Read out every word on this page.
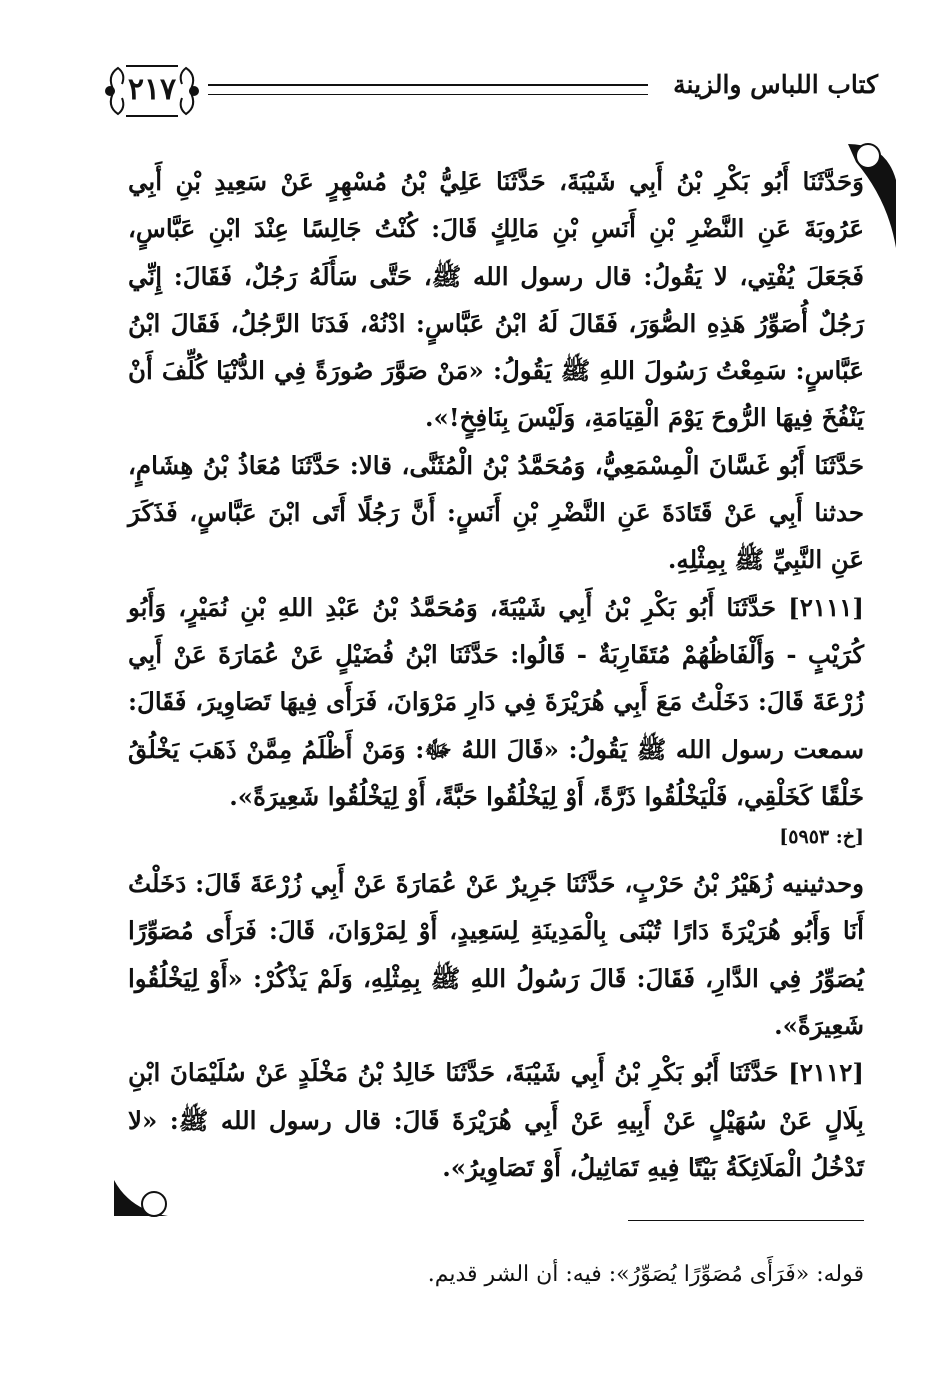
٢١٧	كتاب اللباس والزينة

وَحَدَّثَنَا أَبُو بَكْرِ بْنُ أَبِي شَيْبَةَ، حَدَّثَنَا عَلِيُّ بْنُ مُسْهِرٍ عَنْ سَعِيدِ بْنِ أَبِي عَرُوبَةَ عَنِ النَّضْرِ بْنِ أَنَسِ بْنِ مَالِكٍ قَالَ: كُنْتُ جَالِسًا عِنْدَ ابْنِ عَبَّاسٍ، فَجَعَلَ يُفْتِي، لا يَقُولُ: قال رسول الله ﷺ، حَتَّى سَأَلَهُ رَجُلٌ، فَقَالَ: إِنِّي رَجُلٌ أُصَوِّرُ هَذِهِ الصُّوَرَ، فَقَالَ لَهُ ابْنُ عَبَّاسٍ: ادْنُهْ، فَدَنَا الرَّجُلُ، فَقَالَ ابْنُ عَبَّاسٍ: سَمِعْتُ رَسُولَ اللهِ ﷺ يَقُولُ: «مَنْ صَوَّرَ صُورَةً فِي الدُّنْيَا كُلِّفَ أَنْ يَنْفُخَ فِيهَا الرُّوحَ يَوْمَ الْقِيَامَةِ، وَلَيْسَ بِنَافِخٍ!».

حَدَّثَنَا أَبُو غَسَّانَ الْمِسْمَعِيُّ، وَمُحَمَّدُ بْنُ الْمُثَنَّى، قالا: حَدَّثَنَا مُعَاذُ بْنُ هِشَامٍ، حدثنا أَبِي عَنْ قَتَادَةَ عَنِ النَّضْرِ بْنِ أَنَسٍ: أَنَّ رَجُلًا أَتَى ابْنَ عَبَّاسٍ، فَذَكَرَ عَنِ النَّبِيِّ ﷺ بِمِثْلِهِ.

[٢١١١] حَدَّثَنَا أَبُو بَكْرِ بْنُ أَبِي شَيْبَةَ، وَمُحَمَّدُ بْنُ عَبْدِ اللهِ بْنِ نُمَيْرٍ، وَأَبُو كُرَيْبٍ - وَأَلْفَاظُهُمْ مُتَقَارِبَةٌ - قَالُوا: حَدَّثَنَا ابْنُ فُضَيْلٍ عَنْ عُمَارَةَ عَنْ أَبِي زُرْعَةَ قَالَ: دَخَلْتُ مَعَ أَبِي هُرَيْرَةَ فِي دَارِ مَرْوَانَ، فَرَأَى فِيهَا تَصَاوِيرَ، فَقَالَ: سمعت رسول الله ﷺ يَقُولُ: «قَالَ اللهُ ﷻ: وَمَنْ أَظْلَمُ مِمَّنْ ذَهَبَ يَخْلُقُ خَلْقًا كَخَلْقِي، فَلْيَخْلُقُوا ذَرَّةً، أَوْ لِيَخْلُقُوا حَبَّةً، أَوْ لِيَخْلُقُوا شَعِيرَةً».

[خ: ٥٩٥٣]

وحدثينيه زُهَيْرُ بْنُ حَرْبٍ، حَدَّثَنَا جَرِيرٌ عَنْ عُمَارَةَ عَنْ أَبِي زُرْعَةَ قَالَ: دَخَلْتُ أَنَا وَأَبُو هُرَيْرَةَ دَارًا تُبْنَى بِالْمَدِينَةِ لِسَعِيدٍ، أَوْ لِمَرْوَانَ، قَالَ: فَرَأَى مُصَوِّرًا يُصَوِّرُ فِي الدَّارِ، فَقَالَ: قَالَ رَسُولُ اللهِ ﷺ بِمِثْلِهِ، وَلَمْ يَذْكُرْ: «أَوْ لِيَخْلُقُوا شَعِيرَةً».

[٢١١٢] حَدَّثَنَا أَبُو بَكْرِ بْنُ أَبِي شَيْبَةَ، حَدَّثَنَا خَالِدُ بْنُ مَخْلَدٍ عَنْ سُلَيْمَانَ ابْنِ بِلَالٍ عَنْ سُهَيْلٍ عَنْ أَبِيهِ عَنْ أَبِي هُرَيْرَةَ قَالَ: قال رسول الله ﷺ: «لا تَدْخُلُ الْمَلَائِكَةُ بَيْتًا فِيهِ تَمَاثِيلُ، أَوْ تَصَاوِيرُ».

قوله: «فَرَأَى مُصَوِّرًا يُصَوِّرُ»: فيه: أن الشر قديم.
